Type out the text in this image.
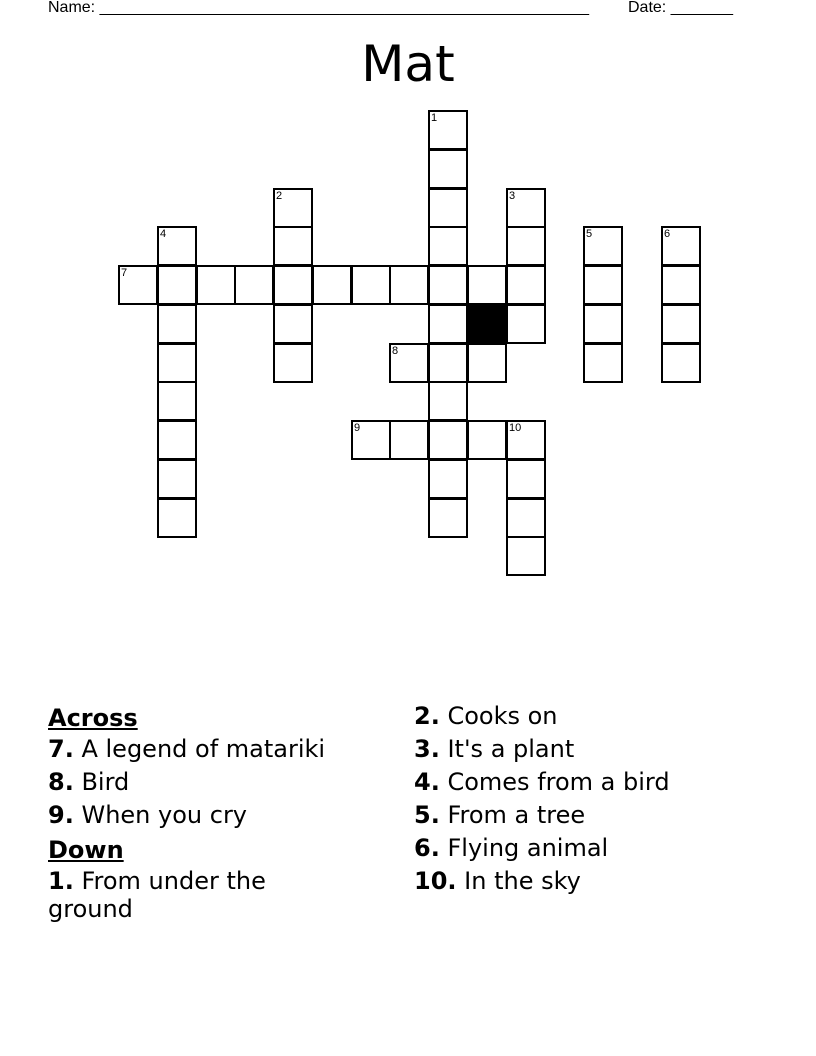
Name: _______________________________________________________ Date: _______
Mat
1
2	3
4	5	6
7
8
9	10
Across
7. A legend of matariki
8. Bird
9. When you cry
Down
1. From under the ground
2. Cooks on
3. It's a plant
4. Comes from a bird
5. From a tree
6. Flying animal
10. In the sky
